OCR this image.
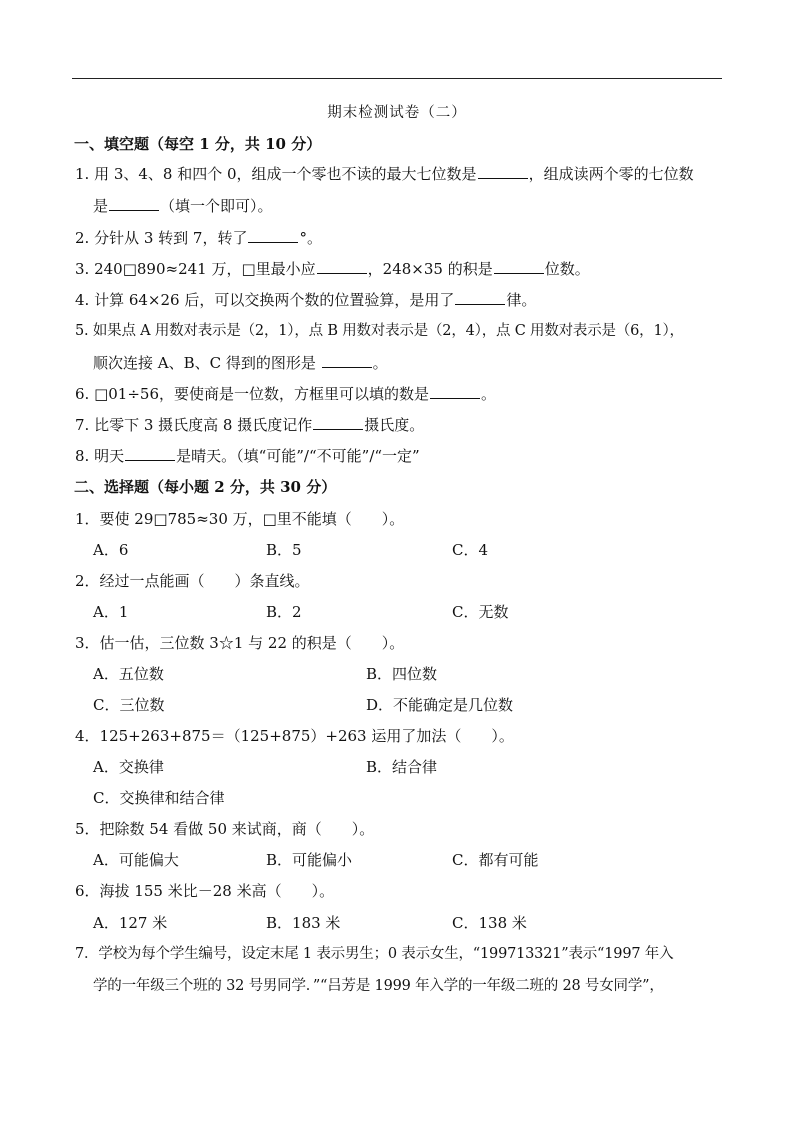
期末检测试卷（二）
一、填空题（每空 1 分，共 10 分）
1. 用 3、4、8 和四个 0，组成一个零也不读的最大七位数是	，组成读两个零的七位数
是	（填一个即可）。
2. 分针从 3 转到 7，转了	°。
3. 240□890≈241 万，□里最小应	，248×35 的积是	位数。
4. 计算 64×26 后，可以交换两个数的位置验算，是用了	律。
5. 如果点 A 用数对表示是（2，1），点 B 用数对表示是（2，4），点 C 用数对表示是（6，1），
顺次连接 A、B、C 得到的图形是	。
6. □01÷56，要使商是一位数，方框里可以填的数是	。
7. 比零下 3 摄氏度高 8 摄氏度记作	摄氏度。
8. 明天	是晴天。（填“可能”/“不可能”/“一定”
二、选择题（每小题 2 分，共 30 分）
1．要使 29□785≈30 万，□里不能填（　　）。
A．6	B．5	C．4
2．经过一点能画（　　）条直线。
A．1	B．2	C．无数
3．估一估，三位数 3☆1 与 22 的积是（　　）。
A．五位数	B．四位数
C．三位数	D．不能确定是几位数
4．125+263+875＝（125+875）+263 运用了加法（　　）。
A．交换律	B．结合律
C．交换律和结合律
5．把除数 54 看做 50 来试商，商（　　）。
A．可能偏大	B．可能偏小	C．都有可能
6．海拔 155 米比－28 米高（　　）。
A．127 米	B．183 米	C．138 米
7．学校为每个学生编号，设定末尾 1 表示男生；0 表示女生，“199713321”表示“1997 年入
学的一年级三个班的 32 号男同学．”“吕芳是 1999 年入学的一年级二班的 28 号女同学”，
